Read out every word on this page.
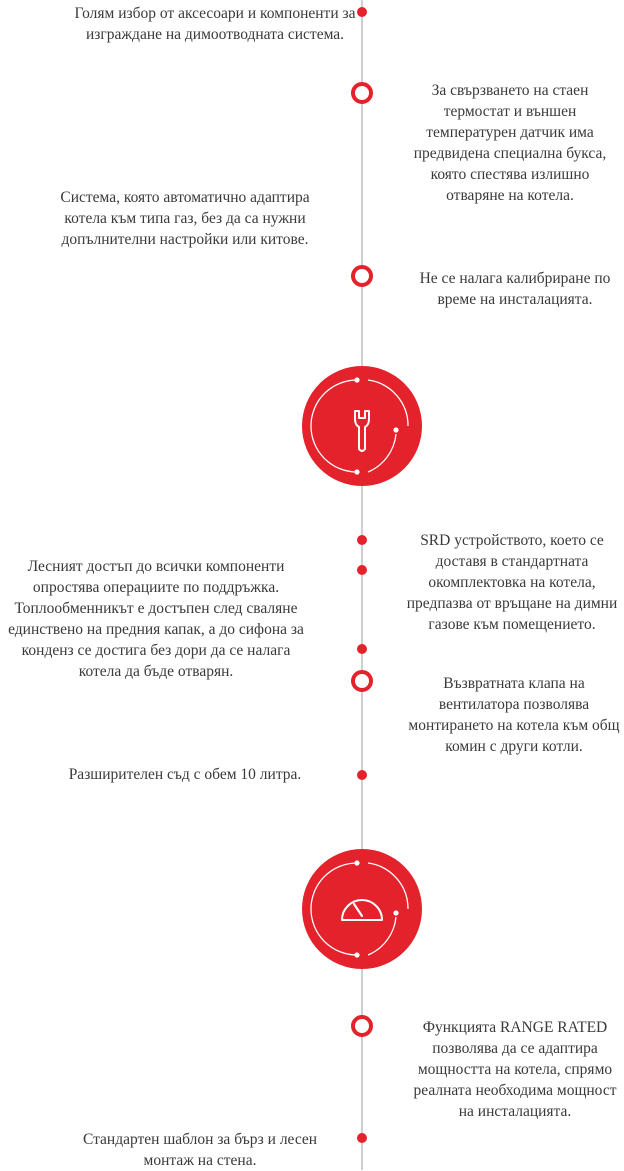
Голям избор от аксесоари и компоненти за изграждане на димоотводната система.

За свързването на стаен термостат и външен температурен датчик има предвидена специална букса, която спестява излишно отваряне на котела.

Система, която автоматично адаптира котела към типа газ, без да са нужни допълнителни настройки или китове.

Не се налага калибриране по време на инсталацията.

SRD устройството, което се доставя в стандартната окомплектовка на котела, предпазва от връщане на димни газове към помещението.

Лесният достъп до всички компоненти опростява операциите по поддръжка. Топлообменникът е достъпен след сваляне единствено на предния капак, а до сифона за конденз се достига без дори да се налага котела да бъде отварян.

Възвратната клапа на вентилатора позволява монтирането на котела към общ комин с други котли.

Разширителен съд с обем 10 литра.

Функцията RANGE RATED позволява да се адаптира мощността на котела, спрямо реалната необходима мощност на инсталацията.

Стандартен шаблон за бърз и лесен монтаж на стена.
